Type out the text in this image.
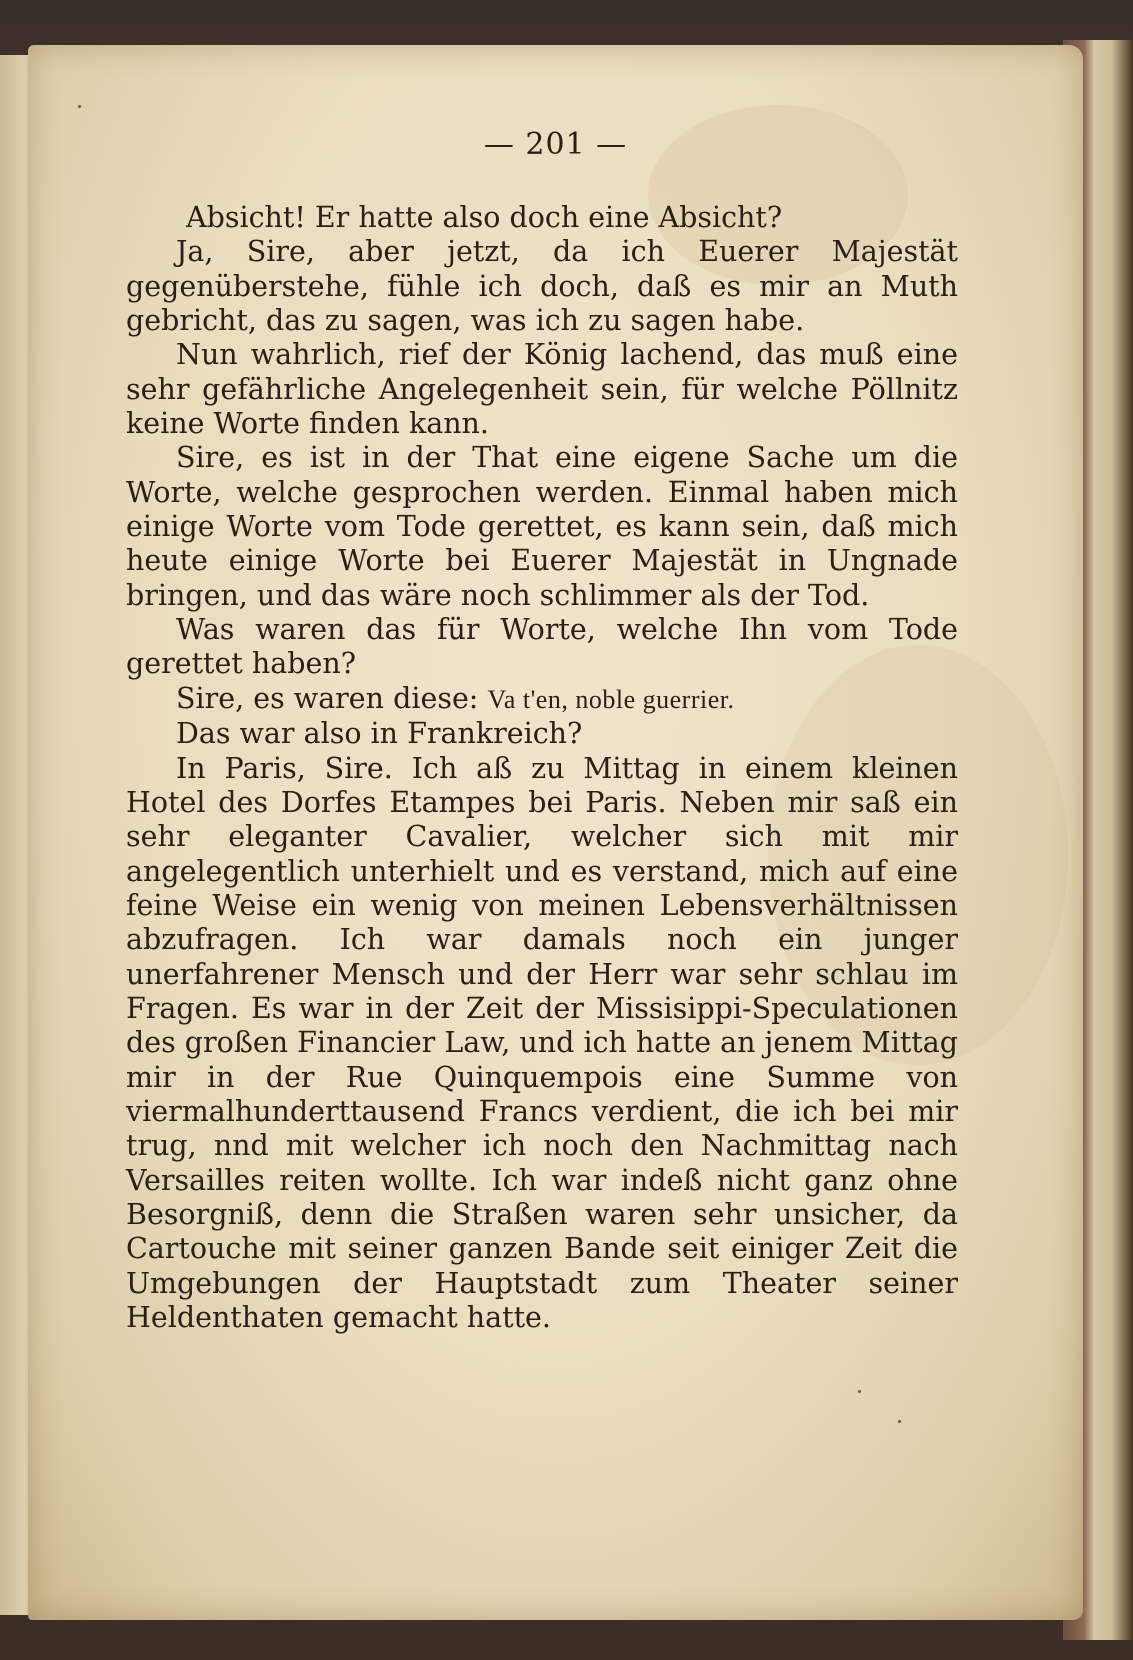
— 201 —

Absicht! Er hatte also doch eine Absicht?

Ja, Sire, aber jetzt, da ich Euerer Majestät gegenüberstehe, fühle ich doch, daß es mir an Muth gebricht, das zu sagen, was ich zu sagen habe.

Nun wahrlich, rief der König lachend, das muß eine sehr gefährliche Angelegenheit sein, für welche Pöllnitz keine Worte finden kann.

Sire, es ist in der That eine eigene Sache um die Worte, welche gesprochen werden. Einmal haben mich einige Worte vom Tode gerettet, es kann sein, daß mich heute einige Worte bei Euerer Majestät in Ungnade bringen, und das wäre noch schlimmer als der Tod.

Was waren das für Worte, welche Ihn vom Tode gerettet haben?

Sire, es waren diese: Va t'en, noble guerrier.

Das war also in Frankreich?

In Paris, Sire. Ich aß zu Mittag in einem kleinen Hotel des Dorfes Etampes bei Paris. Neben mir saß ein sehr eleganter Cavalier, welcher sich mit mir angelegentlich unterhielt und es verstand, mich auf eine feine Weise ein wenig von meinen Lebensverhältnissen abzufragen. Ich war damals noch ein junger unerfahrener Mensch und der Herr war sehr schlau im Fragen. Es war in der Zeit der Missisippi-Speculationen des großen Financier Law, und ich hatte an jenem Mittag mir in der Rue Quinquempois eine Summe von viermalhunderttausend Francs verdient, die ich bei mir trug, nnd mit welcher ich noch den Nachmittag nach Versailles reiten wollte. Ich war indeß nicht ganz ohne Besorgniß, denn die Straßen waren sehr unsicher, da Cartouche mit seiner ganzen Bande seit einiger Zeit die Umgebungen der Hauptstadt zum Theater seiner Heldenthaten gemacht hatte.
